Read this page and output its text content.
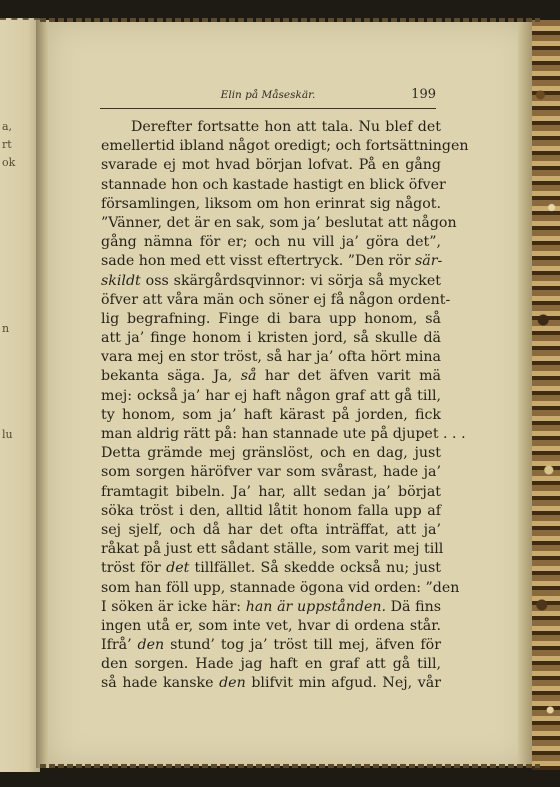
a,
rt
ok
n
lu
Elin på Måseskär.	199
Derefter fortsatte hon att tala. Nu blef det
emellertid ibland något oredigt; och fortsättningen
svarade ej mot hvad början lofvat. På en gång
stannade hon och kastade hastigt en blick öfver
församlingen, liksom om hon erinrat sig något.
”Vänner, det är en sak, som ja’ beslutat att någon
gång nämna för er; och nu vill ja’ göra det”,
sade hon med ett visst eftertryck. ”Den rör sär-
skildt oss skärgårdsqvinnor: vi sörja så mycket
öfver att våra män och söner ej få någon ordent-
lig begrafning. Finge di bara upp honom, så
att ja’ finge honom i kristen jord, så skulle dä
vara mej en stor tröst, så har ja’ ofta hört mina
bekanta säga. Ja, så har det äfven varit mä
mej: också ja’ har ej haft någon graf att gå till,
ty honom, som ja’ haft kärast på jorden, fick
man aldrig rätt på: han stannade ute på djupet . . .
Detta grämde mej gränslöst, och en dag, just
som sorgen häröfver var som svårast, hade ja’
framtagit bibeln. Ja’ har, allt sedan ja’ börjat
söka tröst i den, alltid låtit honom falla upp af
sej sjelf, och då har det ofta inträffat, att ja’
råkat på just ett sådant ställe, som varit mej till
tröst för det tillfället. Så skedde också nu; just
som han föll upp, stannade ögona vid orden: ”den
I söken är icke här: han är uppstånden. Dä fins
ingen utå er, som inte vet, hvar di ordena står.
Ifrå’ den stund’ tog ja’ tröst till mej, äfven för
den sorgen. Hade jag haft en graf att gå till,
så hade kanske den blifvit min afgud. Nej, vår
